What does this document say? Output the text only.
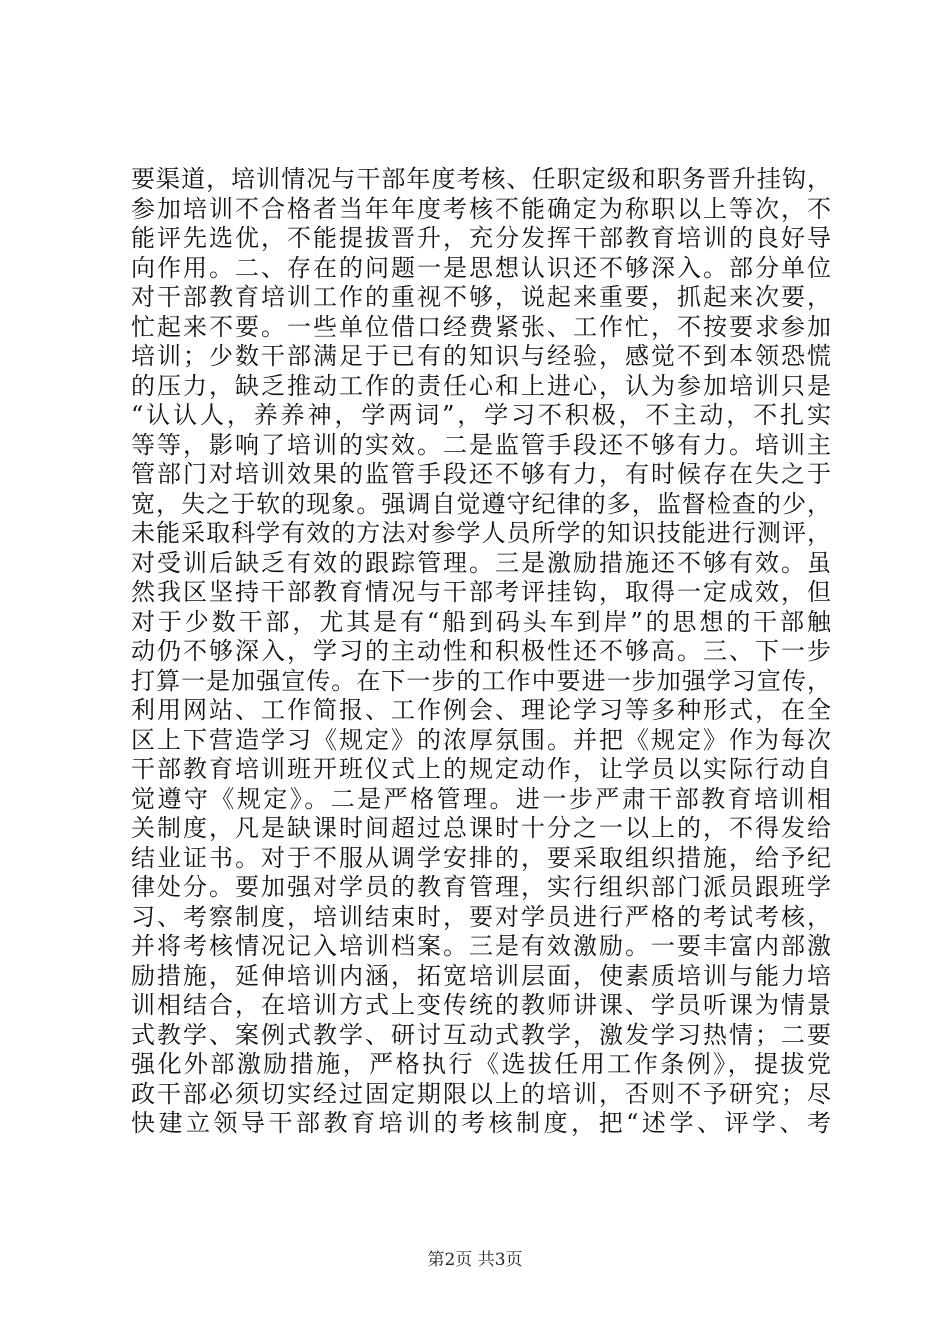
要渠道，培训情况与干部年度考核、任职定级和职务晋升挂钩，
参加培训不合格者当年年度考核不能确定为称职以上等次，不
能评先选优，不能提拔晋升，充分发挥干部教育培训的良好导
向作用。二、存在的问题一是思想认识还不够深入。部分单位
对干部教育培训工作的重视不够，说起来重要，抓起来次要，
忙起来不要。一些单位借口经费紧张、工作忙，不按要求参加
培训；少数干部满足于已有的知识与经验，感觉不到本领恐慌
的压力，缺乏推动工作的责任心和上进心，认为参加培训只是
“认认人，养养神，学两词”，学习不积极，不主动，不扎实
等等，影响了培训的实效。二是监管手段还不够有力。培训主
管部门对培训效果的监管手段还不够有力，有时候存在失之于
宽，失之于软的现象。强调自觉遵守纪律的多，监督检查的少，
未能采取科学有效的方法对参学人员所学的知识技能进行测评，
对受训后缺乏有效的跟踪管理。三是激励措施还不够有效。虽
然我区坚持干部教育情况与干部考评挂钩，取得一定成效，但
对于少数干部，尤其是有“船到码头车到岸”的思想的干部触
动仍不够深入，学习的主动性和积极性还不够高。三、下一步
打算一是加强宣传。在下一步的工作中要进一步加强学习宣传，
利用网站、工作简报、工作例会、理论学习等多种形式，在全
区上下营造学习《规定》的浓厚氛围。并把《规定》作为每次
干部教育培训班开班仪式上的规定动作，让学员以实际行动自
觉遵守《规定》。二是严格管理。进一步严肃干部教育培训相
关制度，凡是缺课时间超过总课时十分之一以上的，不得发给
结业证书。对于不服从调学安排的，要采取组织措施，给予纪
律处分。要加强对学员的教育管理，实行组织部门派员跟班学
习、考察制度，培训结束时，要对学员进行严格的考试考核，
并将考核情况记入培训档案。三是有效激励。一要丰富内部激
励措施，延伸培训内涵，拓宽培训层面，使素质培训与能力培
训相结合，在培训方式上变传统的教师讲课、学员听课为情景
式教学、案例式教学、研讨互动式教学，激发学习热情；二要
强化外部激励措施，严格执行《选拔任用工作条例》，提拔党
政干部必须切实经过固定期限以上的培训，否则不予研究；尽
快建立领导干部教育培训的考核制度，把“述学、评学、考
第2页 共3页
